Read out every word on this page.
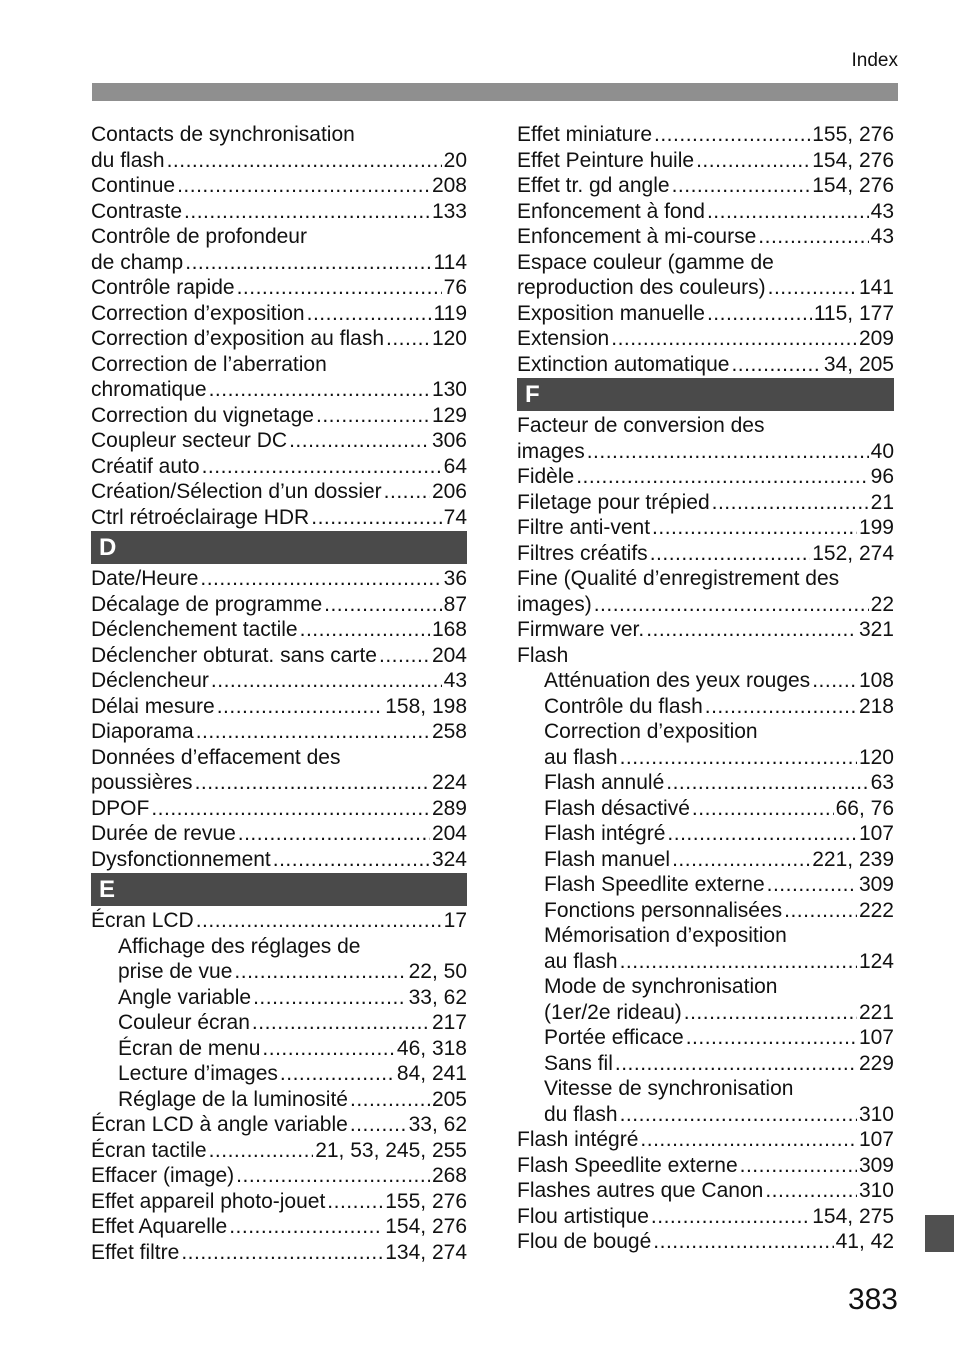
Index
Contacts de synchronisation
du flash .....	20
Continue .....	208
Contraste .....	133
Contrôle de profondeur
de champ .....	114
Contrôle rapide .....	76
Correction d’exposition .....	119
Correction d’exposition au flash ..... 120
Correction de l’aberration
chromatique .....	130
Correction du vignetage .....	129
Coupleur secteur DC .....	306
Créatif auto .....	64
Création/Sélection d’un dossier ..... 206
Ctrl rétroéclairage HDR .....	74
D
Date/Heure .....	36
Décalage de programme .....	87
Déclenchement tactile .....	168
Déclencher obturat. sans carte .....	204
Déclencheur .....	43
Délai mesure .....	158, 198
Diaporama .....	258
Données d’effacement des
poussières .....	224
DPOF .....	289
Durée de revue .....	204
Dysfonctionnement .....	324
E
Écran LCD .....	17
Affichage des réglages de
prise de vue .....	22, 50
Angle variable .....	33, 62
Couleur écran .....	217
Écran de menu .....	46, 318
Lecture d’images .....	84, 241
Réglage de la luminosité .....	205
Écran LCD à angle variable .....	33, 62
Écran tactile .....	21, 53, 245, 255
Effacer (image) .....	268
Effet appareil photo-jouet .....	155, 276
Effet Aquarelle .....	154, 276
Effet filtre .....	134, 274
Effet miniature .....	155, 276
Effet Peinture huile .....	154, 276
Effet tr. gd angle .....	154, 276
Enfoncement à fond .....	43
Enfoncement à mi-course .....	43
Espace couleur (gamme de
reproduction des couleurs) .....	141
Exposition manuelle .....	115, 177
Extension .....	209
Extinction automatique .....	34, 205
F
Facteur de conversion des
images .....	40
Fidèle .....	96
Filetage pour trépied .....	21
Filtre anti-vent .....	199
Filtres créatifs .....	152, 274
Fine (Qualité d’enregistrement des
images) .....	22
Firmware ver. .....	321
Flash
Atténuation des yeux rouges ..... 108
Contrôle du flash .....	218
Correction d’exposition
au flash .....	120
Flash annulé .....	63
Flash désactivé .....	66, 76
Flash intégré .....	107
Flash manuel .....	221, 239
Flash Speedlite externe .....	309
Fonctions personnalisées .....	222
Mémorisation d’exposition
au flash .....	124
Mode de synchronisation
(1er/2e rideau) .....	221
Portée efficace .....	107
Sans fil .....	229
Vitesse de synchronisation
du flash .....	310
Flash intégré .....	107
Flash Speedlite externe .....	309
Flashes autres que Canon .....	310
Flou artistique .....	154, 275
Flou de bougé .....	41, 42
383
